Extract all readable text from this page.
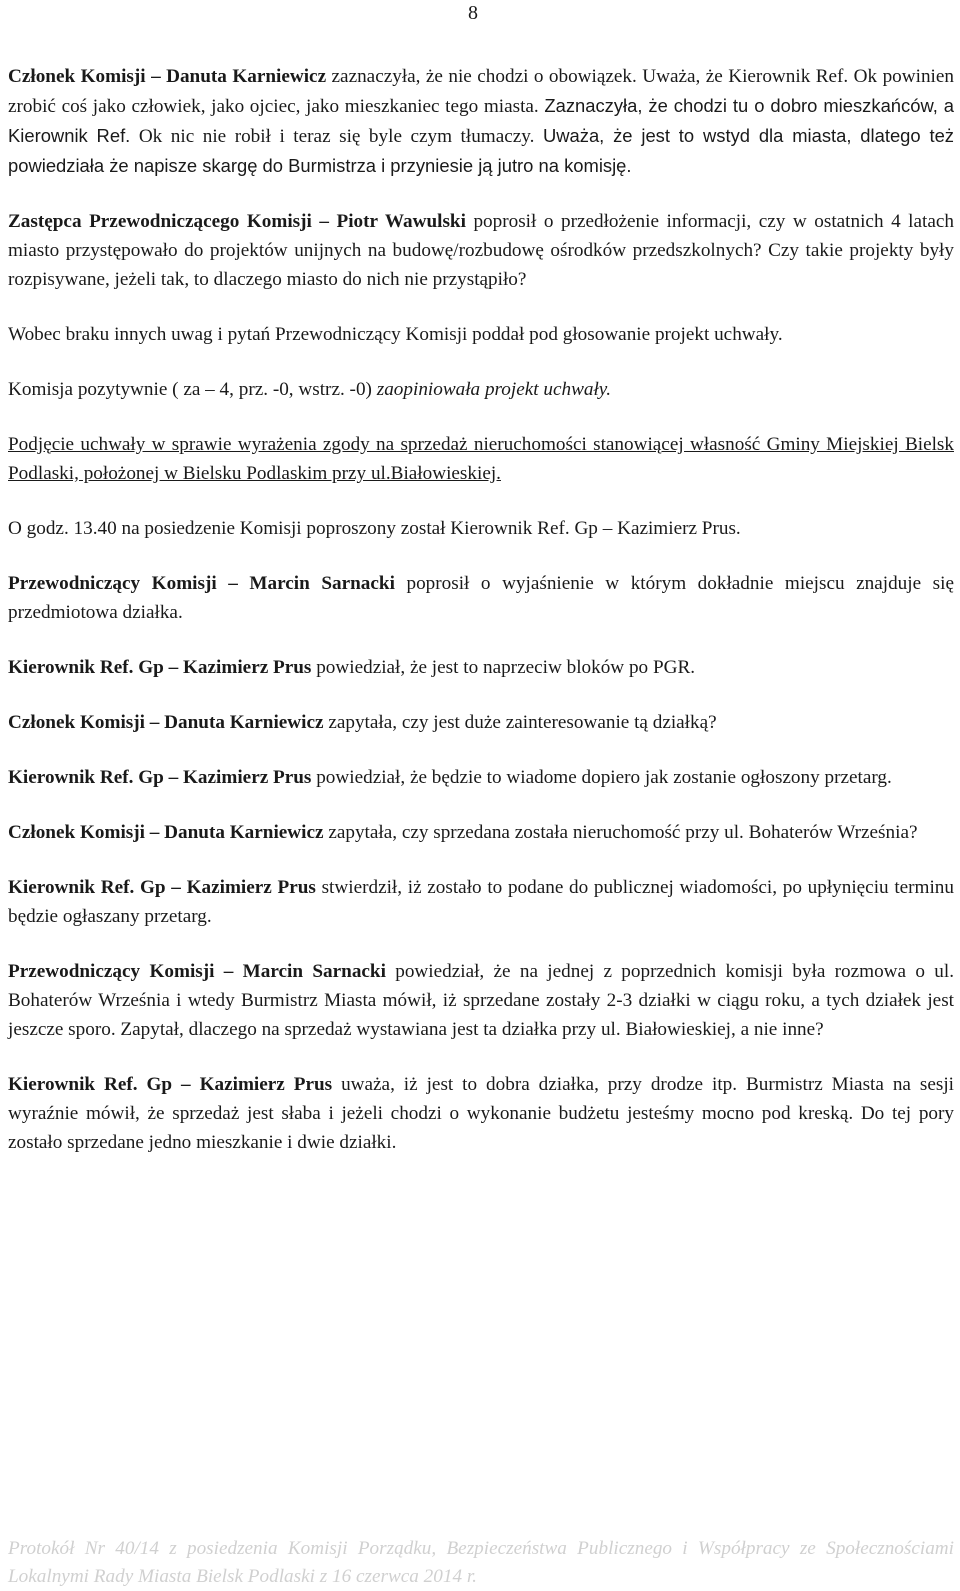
8

Członek Komisji – Danuta Karniewicz zaznaczyła, że nie chodzi o obowiązek. Uważa, że Kierownik Ref. Ok powinien zrobić coś jako człowiek, jako ojciec, jako mieszkaniec tego miasta. Zaznaczyła, że chodzi tu o dobro mieszkańców, a Kierownik Ref. Ok nic nie robił i teraz się byle czym tłumaczy. Uważa, że jest to wstyd dla miasta, dlatego też powiedziała że napisze skargę do Burmistrza i przyniesie ją jutro na komisję.

Zastępca Przewodniczącego Komisji – Piotr Wawulski poprosił o przedłożenie informacji, czy w ostatnich 4 latach miasto przystępowało do projektów unijnych na budowę/rozbudowę ośrodków przedszkolnych? Czy takie projekty były rozpisywane, jeżeli tak, to dlaczego miasto do nich nie przystąpiło?

Wobec braku innych uwag i pytań Przewodniczący Komisji poddał pod głosowanie projekt uchwały.

Komisja pozytywnie ( za – 4, prz. -0, wstrz. -0) zaopiniowała projekt uchwały.

Podjęcie uchwały w sprawie wyrażenia zgody na sprzedaż nieruchomości stanowiącej własność Gminy Miejskiej Bielsk Podlaski, położonej w Bielsku Podlaskim przy ul.Białowieskiej.

O godz. 13.40 na posiedzenie Komisji poproszony został Kierownik Ref. Gp – Kazimierz Prus.

Przewodniczący Komisji – Marcin Sarnacki poprosił o wyjaśnienie w którym dokładnie miejscu znajduje się przedmiotowa działka.

Kierownik Ref. Gp – Kazimierz Prus powiedział, że jest to naprzeciw bloków po PGR.

Członek Komisji – Danuta Karniewicz zapytała, czy jest duże zainteresowanie tą działką?

Kierownik Ref. Gp – Kazimierz Prus powiedział, że będzie to wiadome dopiero jak zostanie ogłoszony przetarg.

Członek Komisji – Danuta Karniewicz zapytała, czy sprzedana została nieruchomość przy ul. Bohaterów Września?

Kierownik Ref. Gp – Kazimierz Prus stwierdził, iż zostało to podane do publicznej wiadomości, po upłynięciu terminu będzie ogłaszany przetarg.

Przewodniczący Komisji – Marcin Sarnacki powiedział, że na jednej z poprzednich komisji była rozmowa o ul. Bohaterów Września i wtedy Burmistrz Miasta mówił, iż sprzedane zostały 2-3 działki w ciągu roku, a tych działek jest jeszcze sporo. Zapytał, dlaczego na sprzedaż wystawiana jest ta działka przy ul. Białowieskiej, a nie inne?

Kierownik Ref. Gp – Kazimierz Prus uważa, iż jest to dobra działka, przy drodze itp. Burmistrz Miasta na sesji wyraźnie mówił, że sprzedaż jest słaba i jeżeli chodzi o wykonanie budżetu jesteśmy mocno pod kreską. Do tej pory zostało sprzedane jedno mieszkanie i dwie działki.

Protokół Nr 40/14 z posiedzenia Komisji Porządku, Bezpieczeństwa Publicznego i Współpracy ze Społecznościami Lokalnymi Rady Miasta Bielsk Podlaski z 16 czerwca 2014 r.
